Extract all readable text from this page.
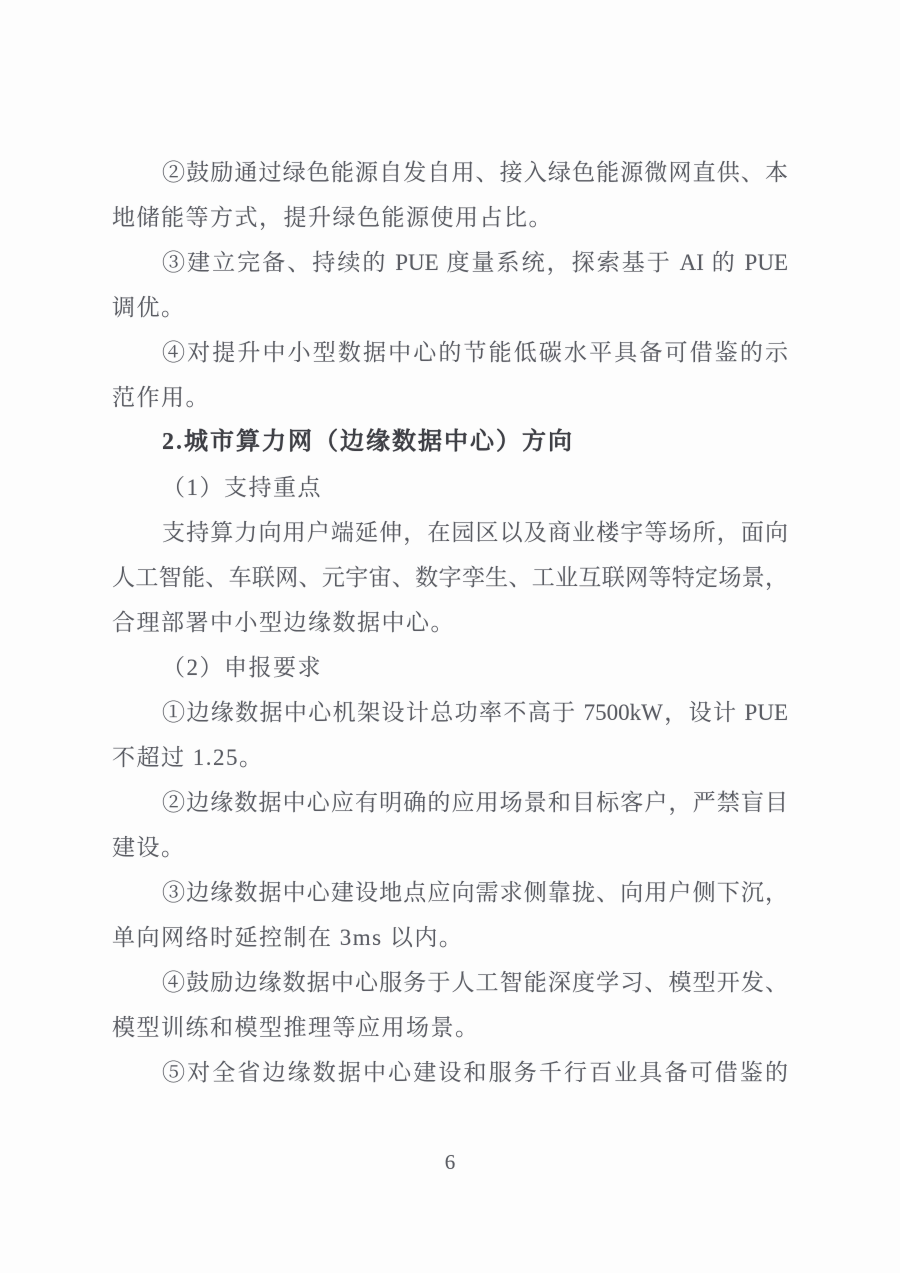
②鼓励通过绿色能源自发自用、接入绿色能源微网直供、本
地储能等方式，提升绿色能源使用占比。
③建立完备、持续的 PUE 度量系统，探索基于 AI 的 PUE
调优。
④对提升中小型数据中心的节能低碳水平具备可借鉴的示
范作用。
2.城市算力网（边缘数据中心）方向
（1）支持重点
支持算力向用户端延伸，在园区以及商业楼宇等场所，面向
人工智能、车联网、元宇宙、数字孪生、工业互联网等特定场景，
合理部署中小型边缘数据中心。
（2）申报要求
①边缘数据中心机架设计总功率不高于 7500kW，设计 PUE
不超过 1.25。
②边缘数据中心应有明确的应用场景和目标客户，严禁盲目
建设。
③边缘数据中心建设地点应向需求侧靠拢、向用户侧下沉，
单向网络时延控制在 3ms 以内。
④鼓励边缘数据中心服务于人工智能深度学习、模型开发、
模型训练和模型推理等应用场景。
⑤对全省边缘数据中心建设和服务千行百业具备可借鉴的
6
